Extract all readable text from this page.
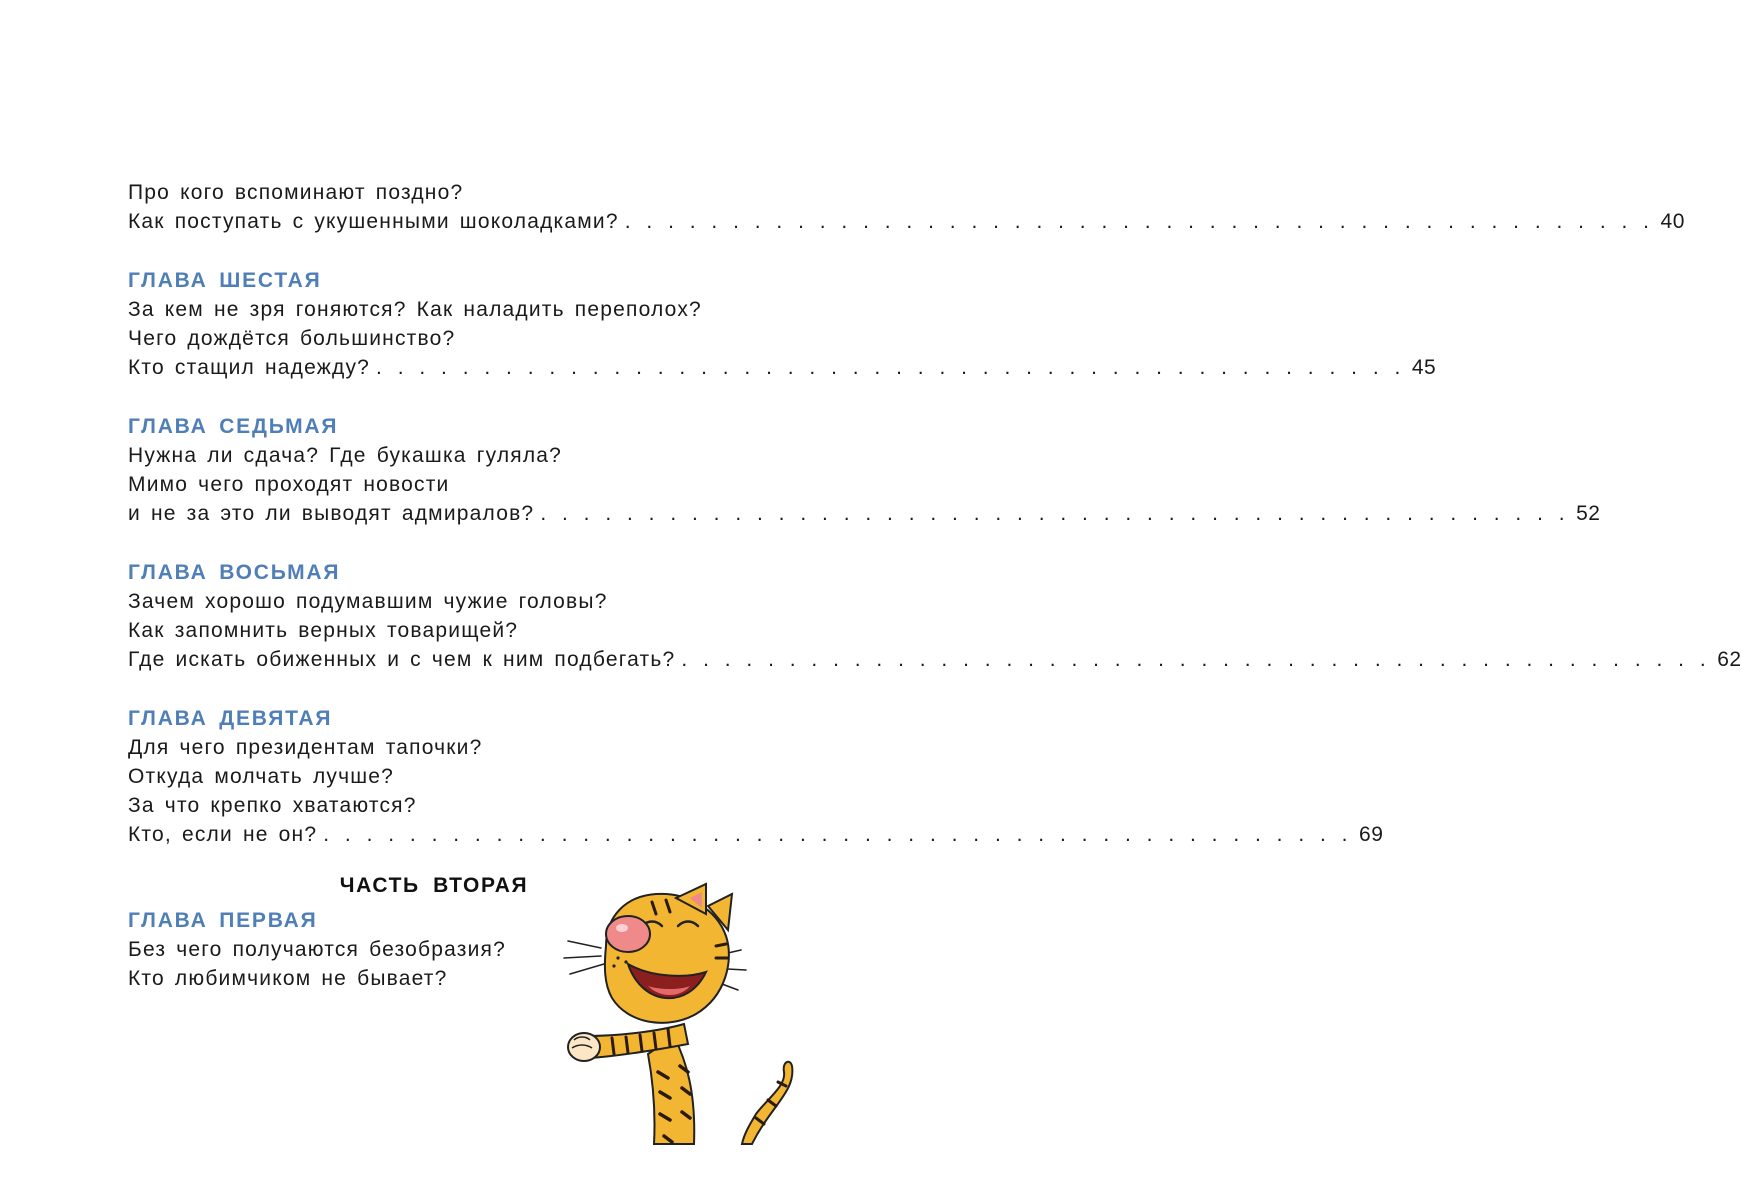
Про кого вспоминают поздно?
Как поступать с укушенными шоколадками? . . . . . . . . . . . . . . . . . . . . . . . . . . . . . . . . . . . . . . . . . . . . . . . . 40
ГЛАВА ШЕСТАЯ
За кем не зря гоняются? Как наладить переполох?
Чего дождётся большинство?
Кто стащил надежду? . . . . . . . . . . . . . . . . . . . . . . . . . . . . . . . . . . . . . . . . . . . . . . . . 45
ГЛАВА СЕДЬМАЯ
Нужна ли сдача? Где букашка гуляла?
Мимо чего проходят новости
и не за это ли выводят адмиралов? . . . . . . . . . . . . . . . . . . . . . . . . . . . . . . . . . . . . . . . . . . . . . . . . 52
ГЛАВА ВОСЬМАЯ
Зачем хорошо подумавшим чужие головы?
Как запомнить верных товарищей?
Где искать обиженных и с чем к ним подбегать? . . . . . . . . . . . . . . . . . . . . . . . . . . . . . . . . . . . . . . . . . . . . . . . . 62
ГЛАВА ДЕВЯТАЯ
Для чего президентам тапочки?
Откуда молчать лучше?
За что крепко хватаются?
Кто, если не он? . . . . . . . . . . . . . . . . . . . . . . . . . . . . . . . . . . . . . . . . . . . . . . . . 69
ЧАСТЬ ВТОРАЯ
ГЛАВА ПЕРВАЯ
Без чего получаются безобразия?
Кто любимчиком не бывает?
